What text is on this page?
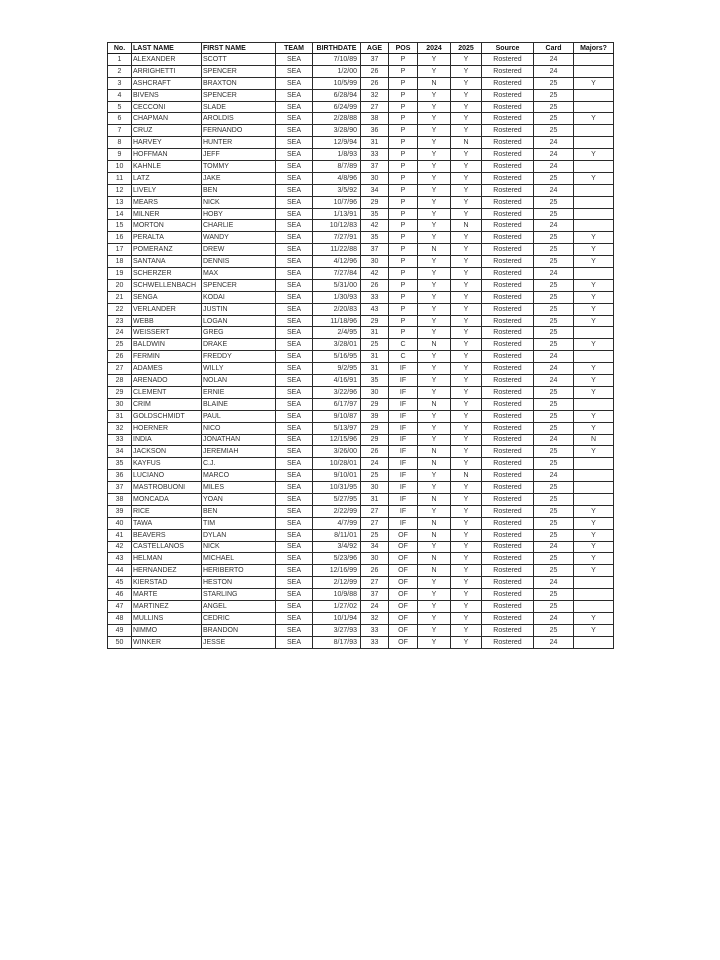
No.	LAST NAME	FIRST NAME	TEAM	BIRTHDATE	AGE	POS	2024	2025	Source	Card	Majors?
1	ALEXANDER	SCOTT	SEA	7/10/89	37	P	Y	Y	Rostered	24	
2	ARRIGHETTI	SPENCER	SEA	1/2/00	26	P	Y	Y	Rostered	24	
3	ASHCRAFT	BRAXTON	SEA	10/5/99	26	P	N	Y	Rostered	25	Y
4	BIVENS	SPENCER	SEA	6/28/94	32	P	Y	Y	Rostered	25	
5	CECCONI	SLADE	SEA	6/24/99	27	P	Y	Y	Rostered	25	
6	CHAPMAN	AROLDIS	SEA	2/28/88	38	P	Y	Y	Rostered	25	Y
7	CRUZ	FERNANDO	SEA	3/28/90	36	P	Y	Y	Rostered	25	
8	HARVEY	HUNTER	SEA	12/9/94	31	P	Y	N	Rostered	24	
9	HOFFMAN	JEFF	SEA	1/8/93	33	P	Y	Y	Rostered	24	Y
10	KAHNLE	TOMMY	SEA	8/7/89	37	P	Y	Y	Rostered	24	
11	LATZ	JAKE	SEA	4/8/96	30	P	Y	Y	Rostered	25	Y
12	LIVELY	BEN	SEA	3/5/92	34	P	Y	Y	Rostered	24	
13	MEARS	NICK	SEA	10/7/96	29	P	Y	Y	Rostered	25	
14	MILNER	HOBY	SEA	1/13/91	35	P	Y	Y	Rostered	25	
15	MORTON	CHARLIE	SEA	10/12/83	42	P	Y	N	Rostered	24	
16	PERALTA	WANDY	SEA	7/27/91	35	P	Y	Y	Rostered	25	Y
17	POMERANZ	DREW	SEA	11/22/88	37	P	N	Y	Rostered	25	Y
18	SANTANA	DENNIS	SEA	4/12/96	30	P	Y	Y	Rostered	25	Y
19	SCHERZER	MAX	SEA	7/27/84	42	P	Y	Y	Rostered	24	
20	SCHWELLENBACH	SPENCER	SEA	5/31/00	26	P	Y	Y	Rostered	25	Y
21	SENGA	KODAI	SEA	1/30/93	33	P	Y	Y	Rostered	25	Y
22	VERLANDER	JUSTIN	SEA	2/20/83	43	P	Y	Y	Rostered	25	Y
23	WEBB	LOGAN	SEA	11/18/96	29	P	Y	Y	Rostered	25	Y
24	WEISSERT	GREG	SEA	2/4/95	31	P	Y	Y	Rostered	25	
25	BALDWIN	DRAKE	SEA	3/28/01	25	C	N	Y	Rostered	25	Y
26	FERMIN	FREDDY	SEA	5/16/95	31	C	Y	Y	Rostered	24	
27	ADAMES	WILLY	SEA	9/2/95	31	IF	Y	Y	Rostered	24	Y
28	ARENADO	NOLAN	SEA	4/16/91	35	IF	Y	Y	Rostered	24	Y
29	CLEMENT	ERNIE	SEA	3/22/96	30	IF	Y	Y	Rostered	25	Y
30	CRIM	BLAINE	SEA	6/17/97	29	IF	N	Y	Rostered	25	
31	GOLDSCHMIDT	PAUL	SEA	9/10/87	39	IF	Y	Y	Rostered	25	Y
32	HOERNER	NICO	SEA	5/13/97	29	IF	Y	Y	Rostered	25	Y
33	INDIA	JONATHAN	SEA	12/15/96	29	IF	Y	Y	Rostered	24	N
34	JACKSON	JEREMIAH	SEA	3/26/00	26	IF	N	Y	Rostered	25	Y
35	KAYFUS	C.J.	SEA	10/28/01	24	IF	N	Y	Rostered	25	
36	LUCIANO	MARCO	SEA	9/10/01	25	IF	Y	N	Rostered	24	
37	MASTROBUONI	MILES	SEA	10/31/95	30	IF	Y	Y	Rostered	25	
38	MONCADA	YOAN	SEA	5/27/95	31	IF	N	Y	Rostered	25	
39	RICE	BEN	SEA	2/22/99	27	IF	Y	Y	Rostered	25	Y
40	TAWA	TIM	SEA	4/7/99	27	IF	N	Y	Rostered	25	Y
41	BEAVERS	DYLAN	SEA	8/11/01	25	OF	N	Y	Rostered	25	Y
42	CASTELLANOS	NICK	SEA	3/4/92	34	OF	Y	Y	Rostered	24	Y
43	HELMAN	MICHAEL	SEA	5/23/96	30	OF	N	Y	Rostered	25	Y
44	HERNANDEZ	HERIBERTO	SEA	12/16/99	26	OF	N	Y	Rostered	25	Y
45	KIERSTAD	HESTON	SEA	2/12/99	27	OF	Y	Y	Rostered	24	
46	MARTE	STARLING	SEA	10/9/88	37	OF	Y	Y	Rostered	25	
47	MARTINEZ	ANGEL	SEA	1/27/02	24	OF	Y	Y	Rostered	25	
48	MULLINS	CEDRIC	SEA	10/1/94	32	OF	Y	Y	Rostered	24	Y
49	NIMMO	BRANDON	SEA	3/27/93	33	OF	Y	Y	Rostered	25	Y
50	WINKER	JESSE	SEA	8/17/93	33	OF	Y	Y	Rostered	24	
